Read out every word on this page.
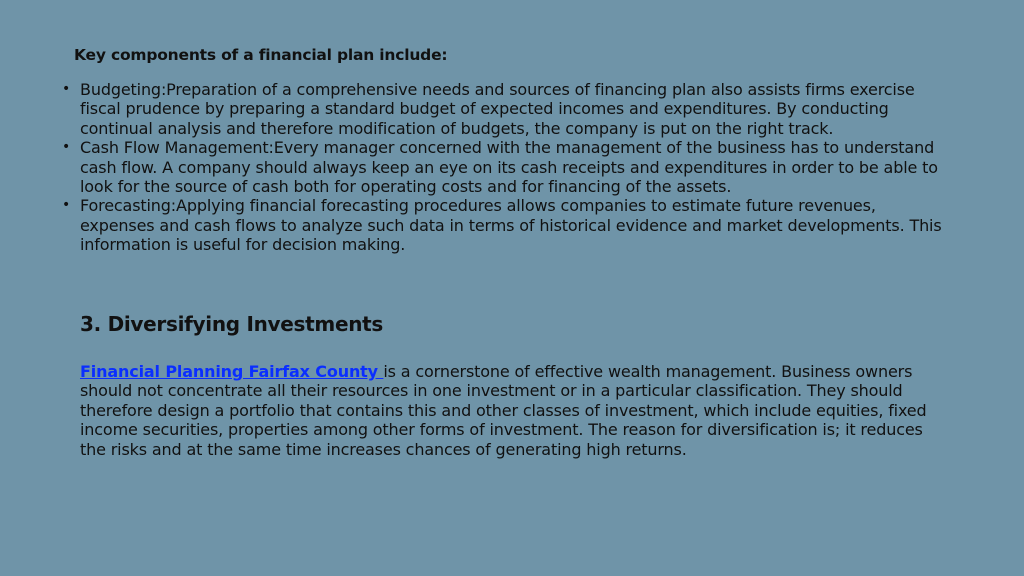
Key components of a financial plan include:
• Budgeting:Preparation of a comprehensive needs and sources of financing plan also assists firms exercise fiscal prudence by preparing a standard budget of expected incomes and expenditures. By conducting continual analysis and therefore modification of budgets, the company is put on the right track.
• Cash Flow Management:Every manager concerned with the management of the business has to understand cash flow. A company should always keep an eye on its cash receipts and expenditures in order to be able to look for the source of cash both for operating costs and for financing of the assets.
• Forecasting:Applying financial forecasting procedures allows companies to estimate future revenues, expenses and cash flows to analyze such data in terms of historical evidence and market developments. This information is useful for decision making.
3. Diversifying Investments

Financial Planning Fairfax County is a cornerstone of effective wealth management. Business owners should not concentrate all their resources in one investment or in a particular classification. They should therefore design a portfolio that contains this and other classes of investment, which include equities, fixed income securities, properties among other forms of investment. The reason for diversification is; it reduces the risks and at the same time increases chances of generating high returns.
